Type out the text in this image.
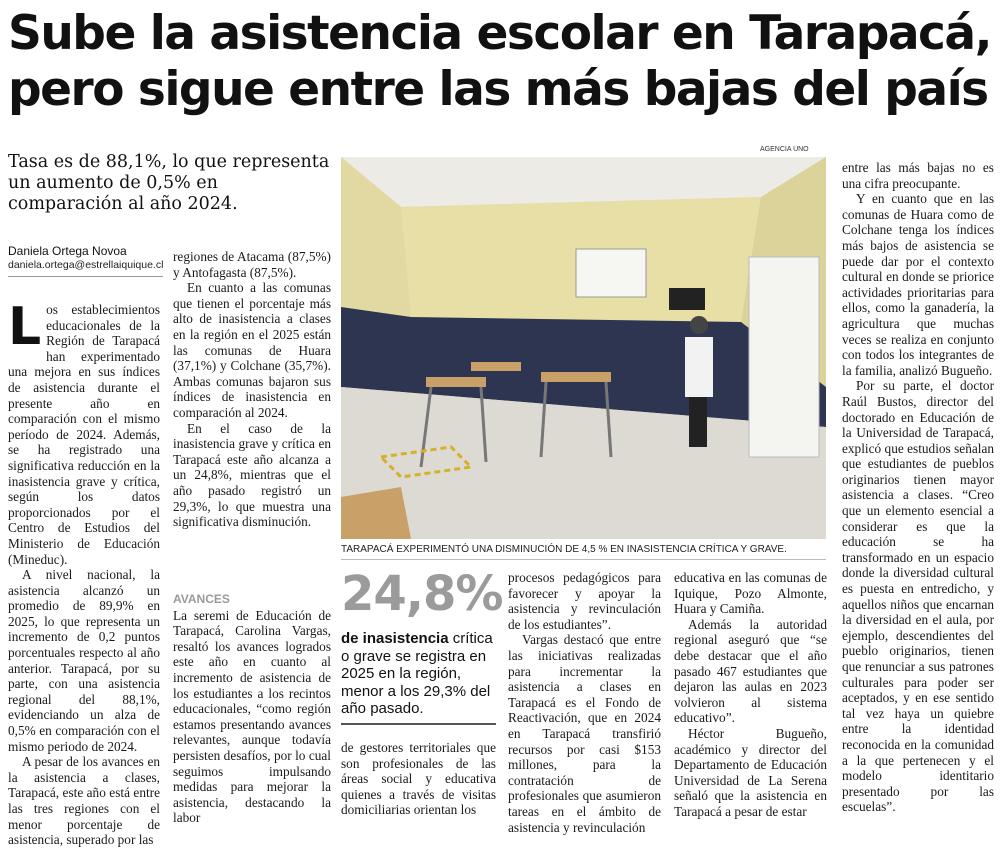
Sube la asistencia escolar en Tarapacá,
pero sigue entre las más bajas del país
Tasa es de 88,1%, lo que representa un aumento de 0,5% en comparación al año 2024.
Daniela Ortega Novoa
daniela.ortega@estrellaiquique.cl

Los establecimientos educacionales de la Región de Tarapacá han experimentado una mejora en sus índices de asistencia durante el presente año en comparación con el mismo período de 2024. Además, se ha registrado una significativa reducción en la inasistencia grave y crítica, según los datos proporcionados por el Centro de Estudios del Ministerio de Educación (Mineduc).

A nivel nacional, la asistencia alcanzó un promedio de 89,9% en 2025, lo que representa un incremento de 0,2 puntos porcentuales respecto al año anterior. Tarapacá, por su parte, con una asistencia regional del 88,1%, evidenciando un alza de 0,5% en comparación con el mismo periodo de 2024.

A pesar de los avances en la asistencia a clases, Tarapacá, este año está entre las tres regiones con el menor porcentaje de asistencia, superado por las

regiones de Atacama (87,5%) y Antofagasta (87,5%).

En cuanto a las comunas que tienen el porcentaje más alto de inasistencia a clases en la región en el 2025 están las comunas de Huara (37,1%) y Colchane (35,7%). Ambas comunas bajaron sus índices de inasistencia en comparación al 2024.

En el caso de la inasistencia grave y crítica en Tarapacá este año alcanza a un 24,8%, mientras que el año pasado registró un 29,3%, lo que muestra una significativa disminución.

AVANCES

La seremi de Educación de Tarapacá, Carolina Vargas, resaltó los avances logrados este año en cuanto al incremento de asistencia de los estudiantes a los recintos educacionales, “como región estamos presentando avances relevantes, aunque todavía persisten desafíos, por lo cual seguimos impulsando medidas para mejorar la asistencia, destacando la labor

de gestores territoriales que son profesionales de las áreas social y educativa quienes a través de visitas domiciliarias orientan los

AGENCIA UNO
TARAPACÁ EXPERIMENTÓ UNA DISMINUCIÓN DE 4,5 % EN INASISTENCIA CRÍTICA Y GRAVE.
24,8%
de inasistencia crítica o grave se registra en 2025 en la región, menor a los 29,3% del año pasado.

procesos pedagógicos para favorecer y apoyar la asistencia y revinculación de los estudiantes”.

Vargas destacó que entre las iniciativas realizadas para incrementar la asistencia a clases en Tarapacá es el Fondo de Reactivación, que en 2024 en Tarapacá transfirió recursos por casi $153 millones, para la contratación de profesionales que asumieron tareas en el ámbito de asistencia y revinculación

educativa en las comunas de Iquique, Pozo Almonte, Huara y Camiña.

Además la autoridad regional aseguró que “se debe destacar que el año pasado 467 estudiantes que dejaron las aulas en 2023 volvieron al sistema educativo”.

Héctor Bugueño, académico y director del Departamento de Educación Universidad de La Serena señaló que la asistencia en Tarapacá a pesar de estar

entre las más bajas no es una cifra preocupante.

Y en cuanto que en las comunas de Huara como de Colchane tenga los índices más bajos de asistencia se puede dar por el contexto cultural en donde se priorice actividades prioritarias para ellos, como la ganadería, la agricultura que muchas veces se realiza en conjunto con todos los integrantes de la familia, analizó Bugueño.

Por su parte, el doctor Raúl Bustos, director del doctorado en Educación de la Universidad de Tarapacá, explicó que estudios señalan que estudiantes de pueblos originarios tienen mayor asistencia a clases. “Creo que un elemento esencial a considerar es que la educación se ha transformado en un espacio donde la diversidad cultural es puesta en entredicho, y aquellos niños que encarnan la diversidad en el aula, por ejemplo, descendientes del pueblo originarios, tienen que renunciar a sus patrones culturales para poder ser aceptados, y en ese sentido tal vez haya un quiebre entre la identidad reconocida en la comunidad a la que pertenecen y el modelo identitario presentado por las escuelas”.
